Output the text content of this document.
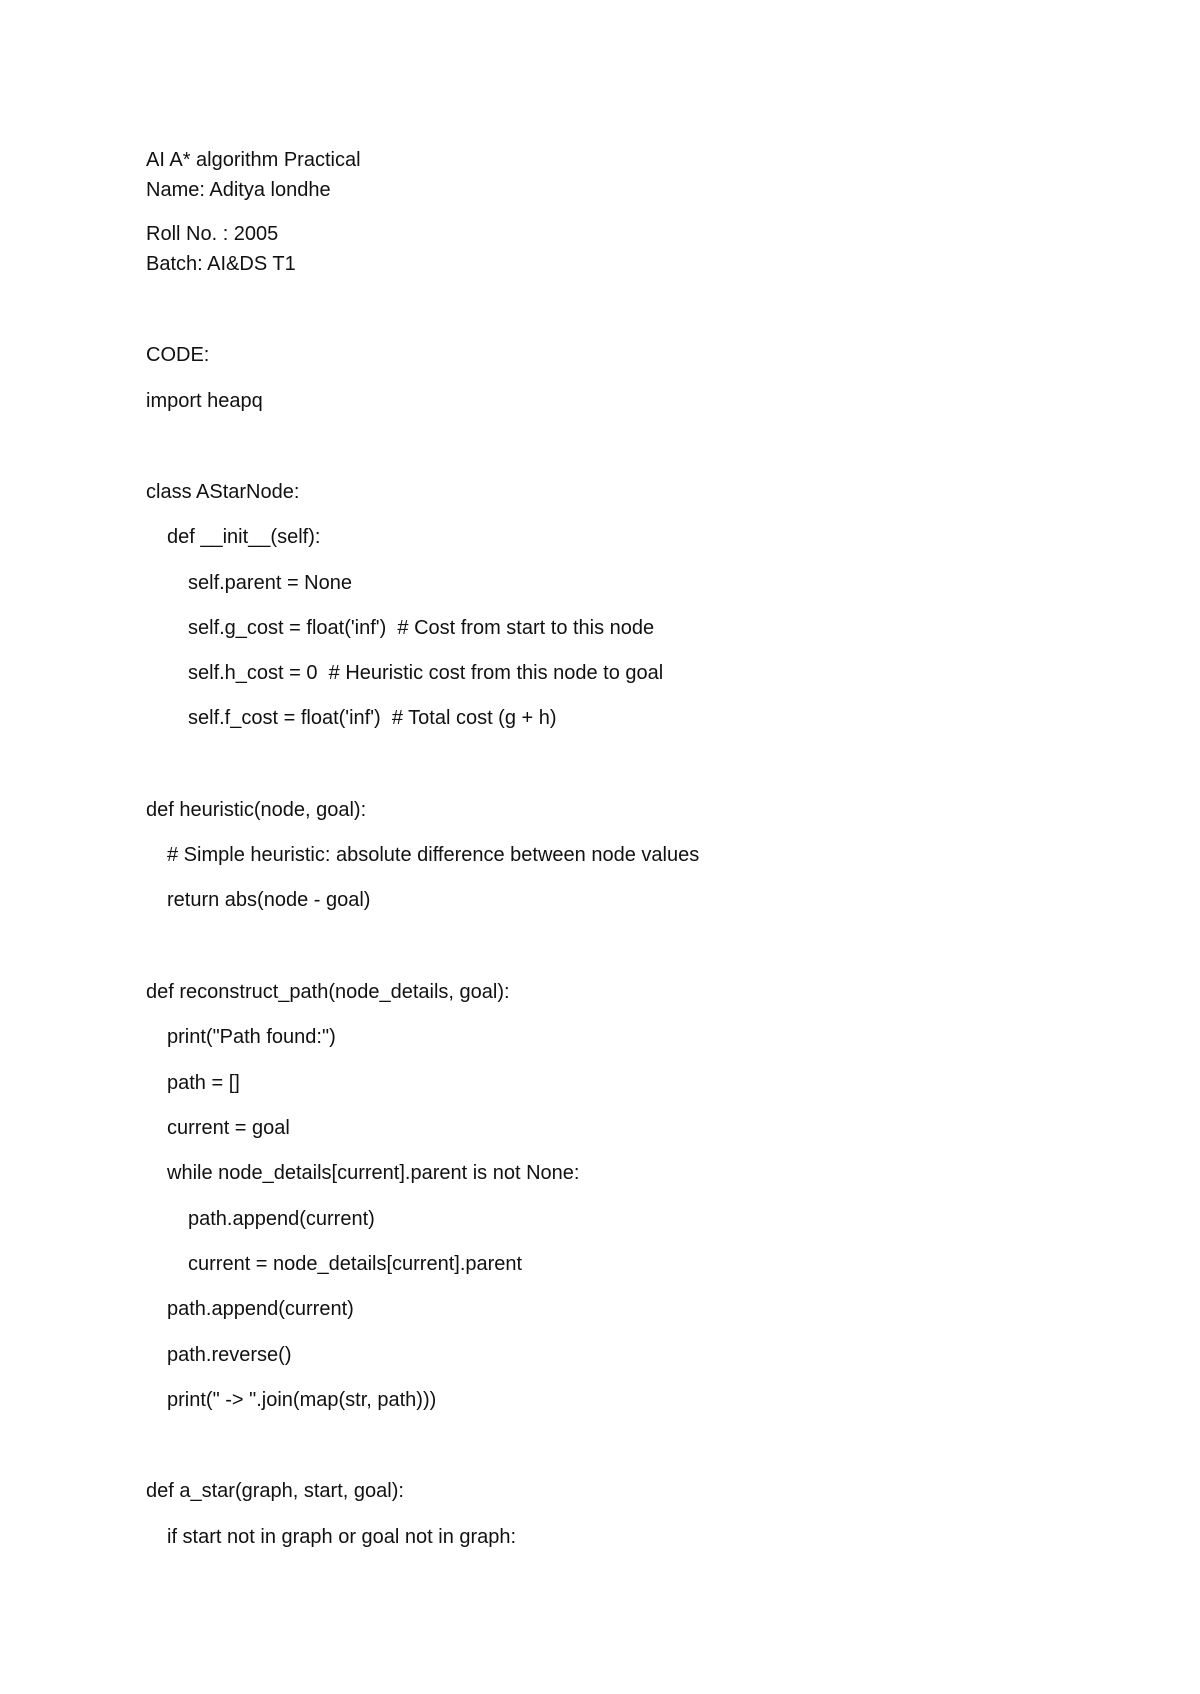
AI A* algorithm Practical
Name: Aditya londhe
Roll No. : 2005
Batch: AI&DS T1
CODE:
import heapq
class AStarNode:
def __init__(self):
self.parent = None
self.g_cost = float('inf')  # Cost from start to this node
self.h_cost = 0  # Heuristic cost from this node to goal
self.f_cost = float('inf')  # Total cost (g + h)
def heuristic(node, goal):
# Simple heuristic: absolute difference between node values
return abs(node - goal)
def reconstruct_path(node_details, goal):
print("Path found:")
path = []
current = goal
while node_details[current].parent is not None:
path.append(current)
current = node_details[current].parent
path.append(current)
path.reverse()
print(" -> ".join(map(str, path)))
def a_star(graph, start, goal):
if start not in graph or goal not in graph:
